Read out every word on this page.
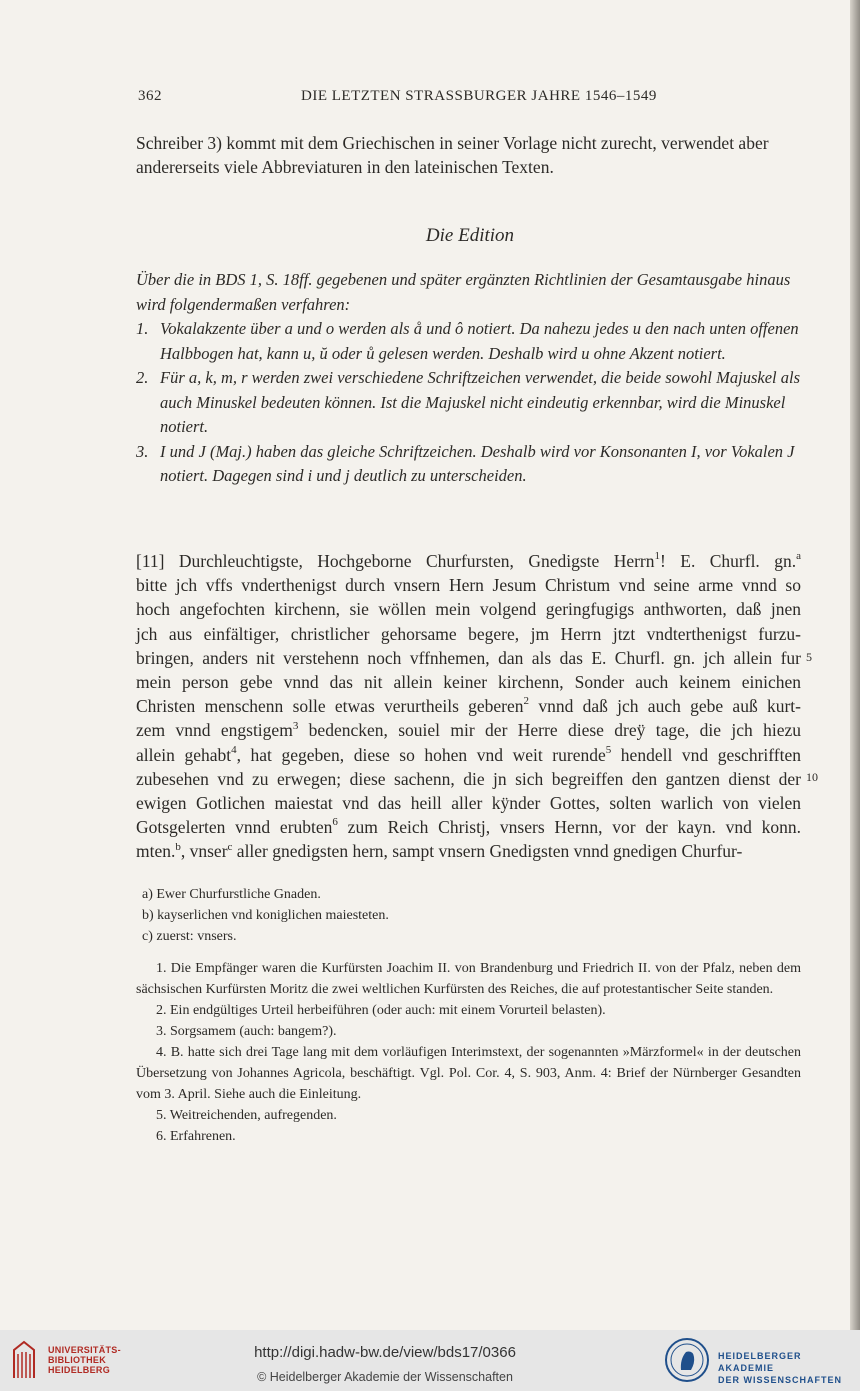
362	DIE LETZTEN STRASSBURGER JAHRE 1546–1549
Schreiber 3) kommt mit dem Griechischen in seiner Vorlage nicht zurecht, verwendet aber andererseits viele Abbreviaturen in den lateinischen Texten.
Die Edition

Über die in BDS 1, S. 18ff. gegebenen und später ergänzten Richtlinien der Gesamtausgabe hinaus wird folgendermaßen verfahren:

1. Vokalakzente über a und o werden als å und ô notiert. Da nahezu jedes u den nach unten offenen Halbbogen hat, kann u, ŭ oder ů gelesen werden. Deshalb wird u ohne Akzent notiert.
2. Für a, k, m, r werden zwei verschiedene Schriftzeichen verwendet, die beide sowohl Majuskel als auch Minuskel bedeuten können. Ist die Majuskel nicht eindeutig erkennbar, wird die Minuskel notiert.
3. I und J (Maj.) haben das gleiche Schriftzeichen. Deshalb wird vor Konsonanten I, vor Vokalen J notiert. Dagegen sind i und j deutlich zu unterscheiden.
[11] Durchleuchtigste, Hochgeborne Churfursten, Gnedigste Herrn$^1$! E. Churfl. gn.$^a$
bitte jch vffs vnderthenigst durch vnsern Hern Jesum Christum vnd seine arme vnnd so
hoch angefochten kirchenn, sie wöllen mein volgend geringfugigs anthworten, daß jnen
jch aus einfältiger, christlicher gehorsame begere, jm Herrn jtzt vndterthenigst furzu-
bringen, anders nit verstehenn noch vffnhemen, dan als das E. Churfl. gn. jch allein fur
mein person gebe vnnd das nit allein keiner kirchenn, Sonder auch keinem einichen
Christen menschenn solle etwas verurtheils geberen$^2$ vnnd daß jch auch gebe auß kurt-
zem vnnd engstigem$^3$ bedencken, souiel mir der Herre diese dreÿ tage, die jch hiezu
allein gehabt$^4$, hat gegeben, diese so hohen vnd weit rurende$^5$ hendell vnd geschrifften
zubesehen vnd zu erwegen; diese sachenn, die jn sich begreiffen den gantzen dienst der
ewigen Gotlichen maiestat vnd das heill aller kÿnder Gottes, solten warlich von vielen
Gotsgelerten vnnd erubten$^6$ zum Reich Christj, vnsers Hernn, vor der kayn. vnd konn.
mten.$^b$, vnser$^c$ aller gnedigsten hern, sampt vnsern Gnedigsten vnnd gnedigen Churfur-
5
10
a) Ewer Churfurstliche Gnaden.
b) kayserlichen vnd koniglichen maiesteten.
c) zuerst: vnsers.

1. Die Empfänger waren die Kurfürsten Joachim II. von Brandenburg und Friedrich II. von der Pfalz, neben dem sächsischen Kurfürsten Moritz die zwei weltlichen Kurfürsten des Reiches, die auf protestantischer Seite standen.

2. Ein endgültiges Urteil herbeiführen (oder auch: mit einem Vorurteil belasten).

3. Sorgsamem (auch: bangem?).

4. B. hatte sich drei Tage lang mit dem vorläufigen Interimstext, der sogenannten »Märzformel« in der deutschen Übersetzung von Johannes Agricola, beschäftigt. Vgl. Pol. Cor. 4, S. 903, Anm. 4: Brief der Nürnberger Gesandten vom 3. April. Siehe auch die Einleitung.

5. Weitreichenden, aufregenden.

6. Erfahrenen.

UNIVERSITÄTS-
BIBLIOTHEK
HEIDELBERG
http://digi.hadw-bw.de/view/bds17/0366
© Heidelberger Akademie der Wissenschaften
HEIDELBERGER AKADEMIE
DER WISSENSCHAFTEN
